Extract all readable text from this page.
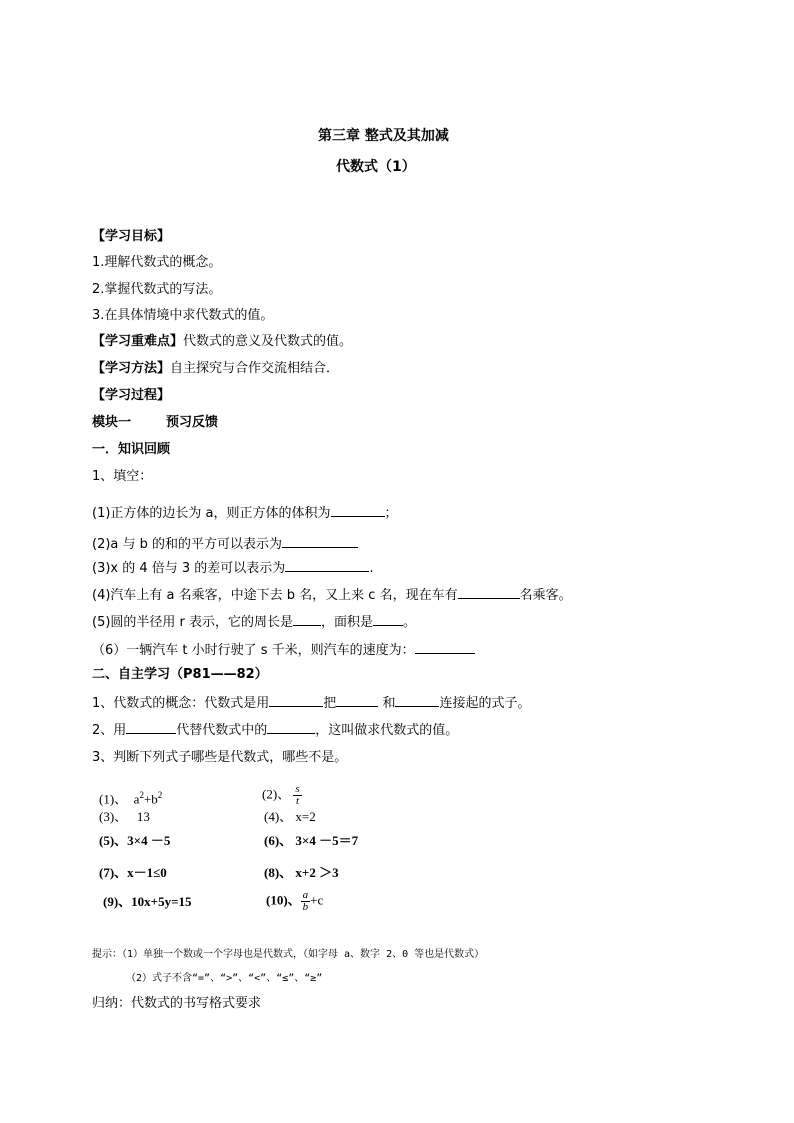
第三章 整式及其加减
代数式（1）
【学习目标】
1.理解代数式的概念。
2.掌握代数式的写法。
3.在具体情境中求代数式的值。
【学习重难点】代数式的意义及代数式的值。
【学习方法】自主探究与合作交流相结合．
【学习过程】
模块一	预习反馈
一．知识回顾
1、填空：
(1)正方体的边长为 a，则正方体的体积为	；
(2)a 与 b 的和的平方可以表示为
(3)x 的 4 倍与 3 的差可以表示为	.
(4)汽车上有 a 名乘客，中途下去 b 名，又上来 c 名，现在车有	名乘客。
(5)圆的半径用 r 表示，它的周长是 ，面积是 。
（6）一辆汽车 t 小时行驶了 s 千米，则汽车的速度为：
二、自主学习（P81——82）
1、代数式的概念：代数式是用	把	和	连接起的式子。
2、用	代替代数式中的	，这叫做求代数式的值。
3、判断下列式子哪些是代数式，哪些不是。
(1)、 $a^2+b^2$	(2)、 $\frac{s}{t}$
(3)、 13	(4)、 x=2
(5)、3×4 －5	(6)、 3×4 －5＝7
(7)、x－1≤0	(8)、 x+2 ＞3
(9)、10x+5y=15	(10)、 $\frac{a}{b} +c$
提示：（1）单独一个数或一个字母也是代数式，（如字母 a、数字 2、0 等也是代数式）
（2）式子不含“=”、“>”、“<”、“≤”、“≥”
归纳：代数式的书写格式要求
